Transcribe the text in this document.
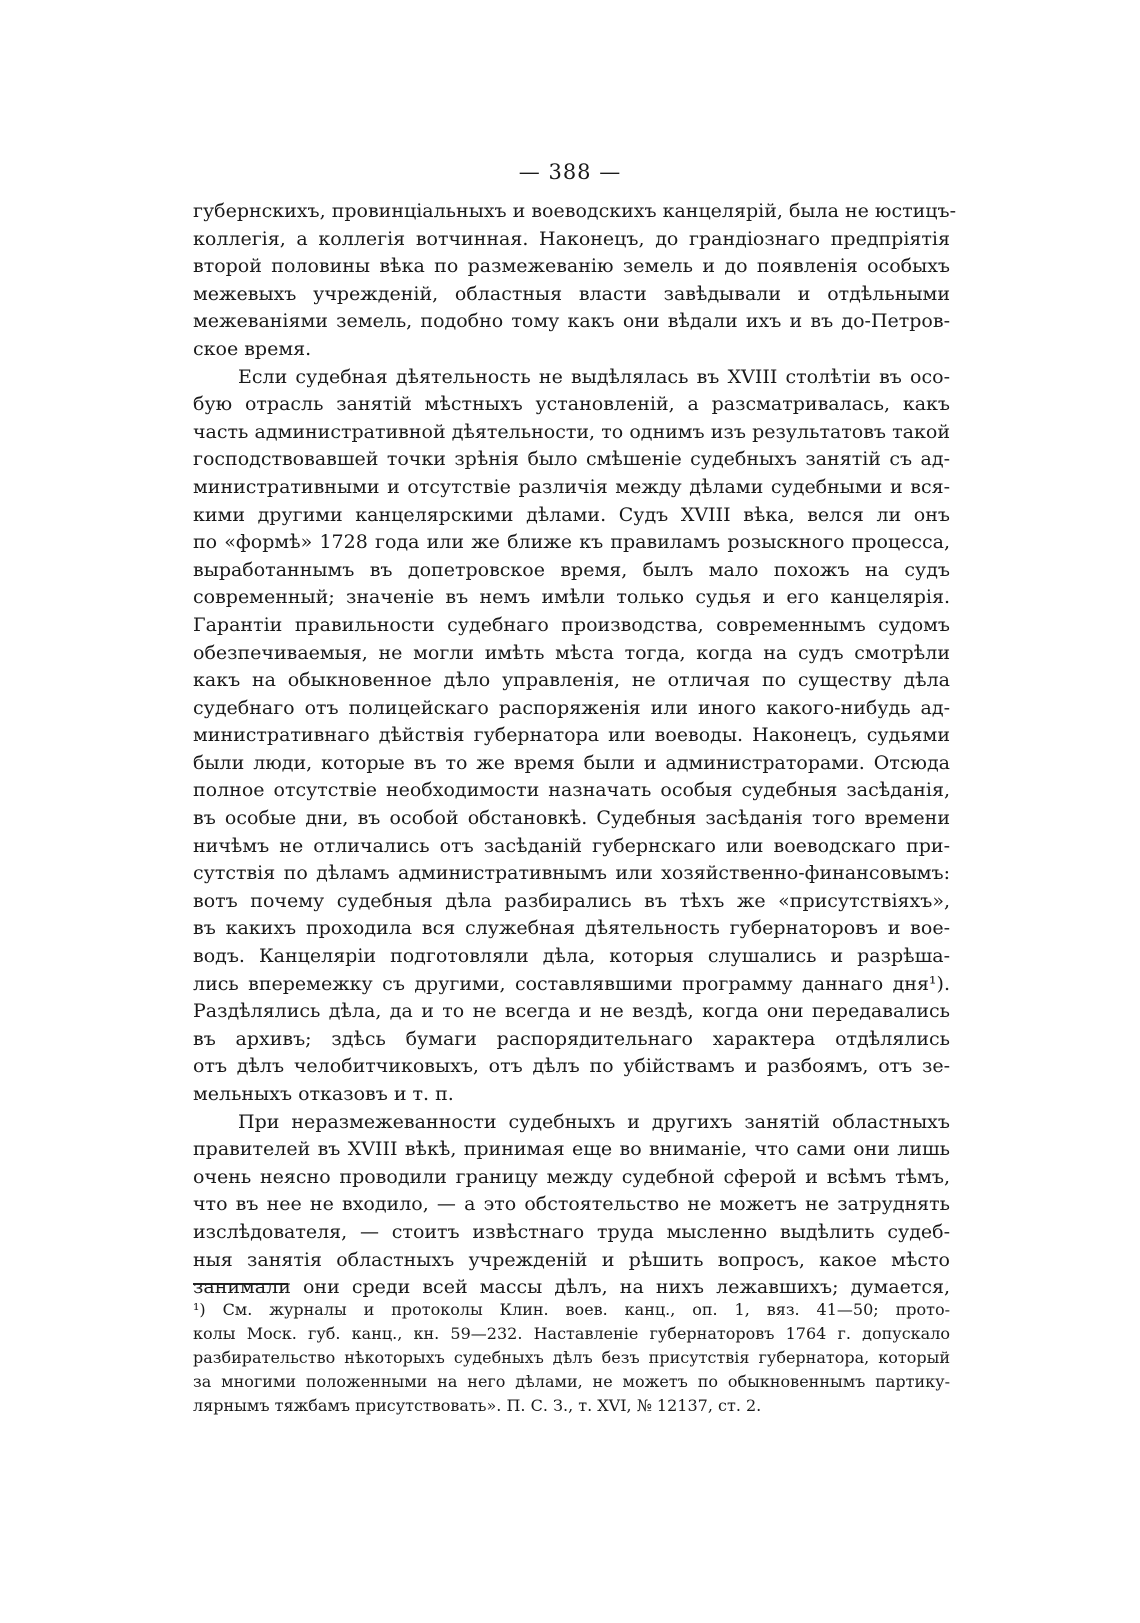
— 388 —
губернскихъ, провинціальныхъ и воеводскихъ канцелярій, была не юстицъ-
коллегія, а коллегія вотчинная. Наконецъ, до грандіознаго предпріятія
второй половины вѣка по размежеванію земель и до появленія особыхъ
межевыхъ учрежденій, областныя власти завѣдывали и отдѣльными
межеваніями земель, подобно тому какъ они вѣдали ихъ и въ до-Петров-
ское время.
Если судебная дѣятельность не выдѣлялась въ XVIII столѣтіи въ осо-
бую отрасль занятій мѣстныхъ установленій, а разсматривалась, какъ
часть административной дѣятельности, то однимъ изъ результатовъ такой
господствовавшей точки зрѣнія было смѣшеніе судебныхъ занятій съ ад-
министративными и отсутствіе различія между дѣлами судебными и вся-
кими другими канцелярскими дѣлами. Судъ XVIII вѣка, велся ли онъ
по «формѣ» 1728 года или же ближе къ правиламъ розыскного процесса,
выработаннымъ въ допетровское время, былъ мало похожъ на судъ
современный; значеніе въ немъ имѣли только судья и его канцелярія.
Гарантіи правильности судебнаго производства, современнымъ судомъ
обезпечиваемыя, не могли имѣть мѣста тогда, когда на судъ смотрѣли
какъ на обыкновенное дѣло управленія, не отличая по существу дѣла
судебнаго отъ полицейскаго распоряженія или иного какого-нибудь ад-
министративнаго дѣйствія губернатора или воеводы. Наконецъ, судьями
были люди, которые въ то же время были и администраторами. Отсюда
полное отсутствіе необходимости назначать особыя судебныя засѣданія,
въ особые дни, въ особой обстановкѣ. Судебныя засѣданія того времени
ничѣмъ не отличались отъ засѣданій губернскаго или воеводскаго при-
сутствія по дѣламъ административнымъ или хозяйственно-финансовымъ:
вотъ почему судебныя дѣла разбирались въ тѣхъ же «присутствіяхъ»,
въ какихъ проходила вся служебная дѣятельность губернаторовъ и вое-
водъ. Канцеляріи подготовляли дѣла, которыя слушались и разрѣша-
лись вперемежку съ другими, составлявшими программу даннаго дня¹).
Раздѣлялись дѣла, да и то не всегда и не вездѣ, когда они передавались
въ архивъ; здѣсь бумаги распорядительнаго характера отдѣлялись
отъ дѣлъ челобитчиковыхъ, отъ дѣлъ по убійствамъ и разбоямъ, отъ зе-
мельныхъ отказовъ и т. п.
При неразмежеванности судебныхъ и другихъ занятій областныхъ
правителей въ XVIII вѣкѣ, принимая еще во вниманіе, что сами они лишь
очень неясно проводили границу между судебной сферой и всѣмъ тѣмъ,
что въ нее не входило, — а это обстоятельство не можетъ не затруднять
изслѣдователя, — стоитъ извѣстнаго труда мысленно выдѣлить судеб-
ныя занятія областныхъ учрежденій и рѣшить вопросъ, какое мѣсто
занимали они среди всей массы дѣлъ, на нихъ лежавшихъ; думается,
¹) См. журналы и протоколы Клин. воев. канц., оп. 1, вяз. 41—50; прото-
колы Моск. губ. канц., кн. 59—232. Наставленіе губернаторовъ 1764 г. допускало
разбирательство нѣкоторыхъ судебныхъ дѣлъ безъ присутствія губернатора, который
за многими положенными на него дѣлами, не можетъ по обыкновеннымъ партику-
лярнымъ тяжбамъ присутствовать». П. С. З., т. XVI, № 12137, ст. 2.
